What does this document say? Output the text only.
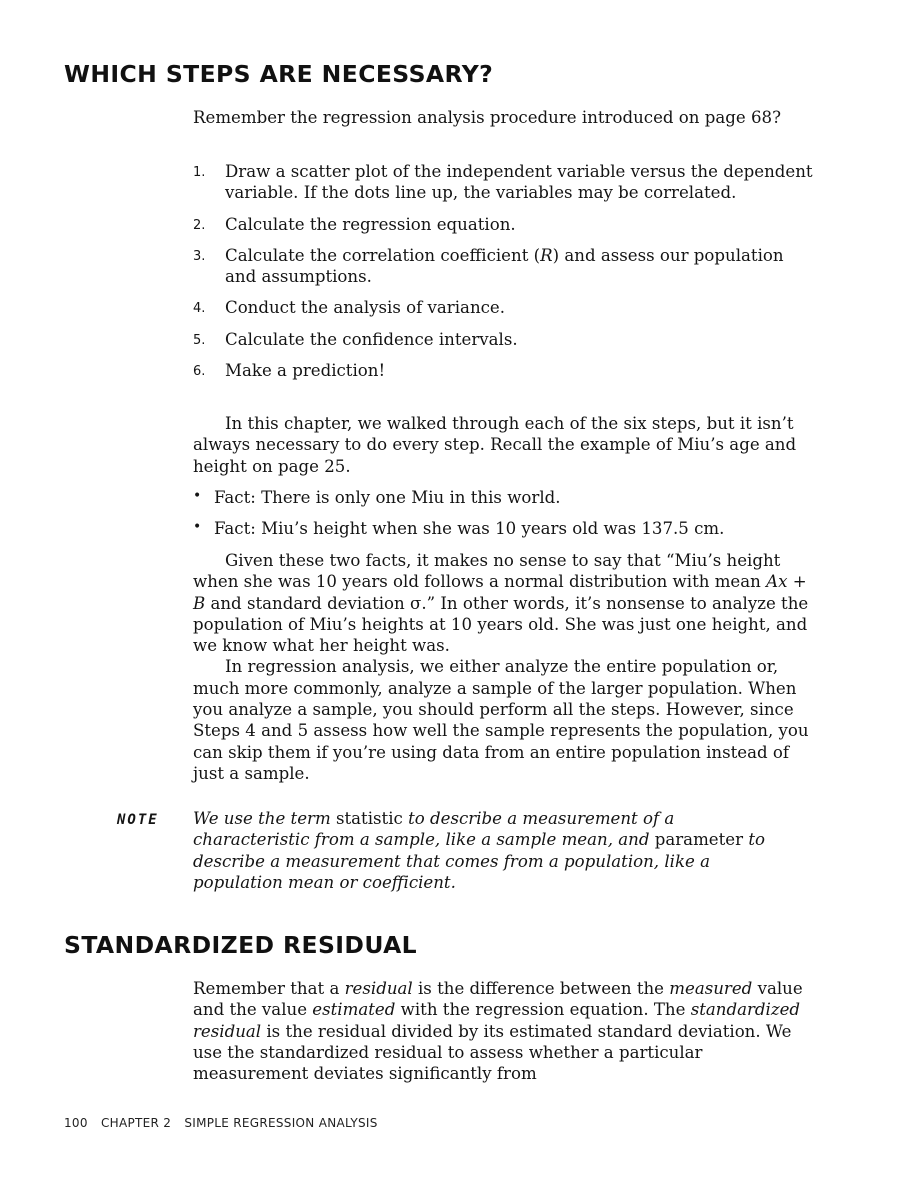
WHICH STEPS ARE NECESSARY?

Remember the regression analysis procedure introduced on page 68?

1. Draw a scatter plot of the independent variable versus the dependent variable. If the dots line up, the variables may be correlated.
2. Calculate the regression equation.
3. Calculate the correlation coefficient (R) and assess our population and assumptions.
4. Conduct the analysis of variance.
5. Calculate the confidence intervals.
6. Make a prediction!

In this chapter, we walked through each of the six steps, but it isn’t always necessary to do every step. Recall the example of Miu’s age and height on page 25.

• Fact: There is only one Miu in this world.
• Fact: Miu’s height when she was 10 years old was 137.5 cm.

Given these two facts, it makes no sense to say that “Miu’s height when she was 10 years old follows a normal distribution with mean Ax + B and standard deviation σ.” In other words, it’s nonsense to analyze the population of Miu’s heights at 10 years old. She was just one height, and we know what her height was.

In regression analysis, we either analyze the entire population or, much more commonly, analyze a sample of the larger population. When you analyze a sample, you should perform all the steps. However, since Steps 4 and 5 assess how well the sample represents the population, you can skip them if you’re using data from an entire population instead of just a sample.

NOTE We use the term statistic to describe a measurement of a characteristic from a sample, like a sample mean, and parameter to describe a measurement that comes from a population, like a population mean or coefficient.

STANDARDIZED RESIDUAL

Remember that a residual is the difference between the measured value and the value estimated with the regression equation. The standardized residual is the residual divided by its estimated standard deviation. We use the standardized residual to assess whether a particular measurement deviates significantly from

100 CHAPTER 2 SIMPLE REGRESSION ANALYSIS
